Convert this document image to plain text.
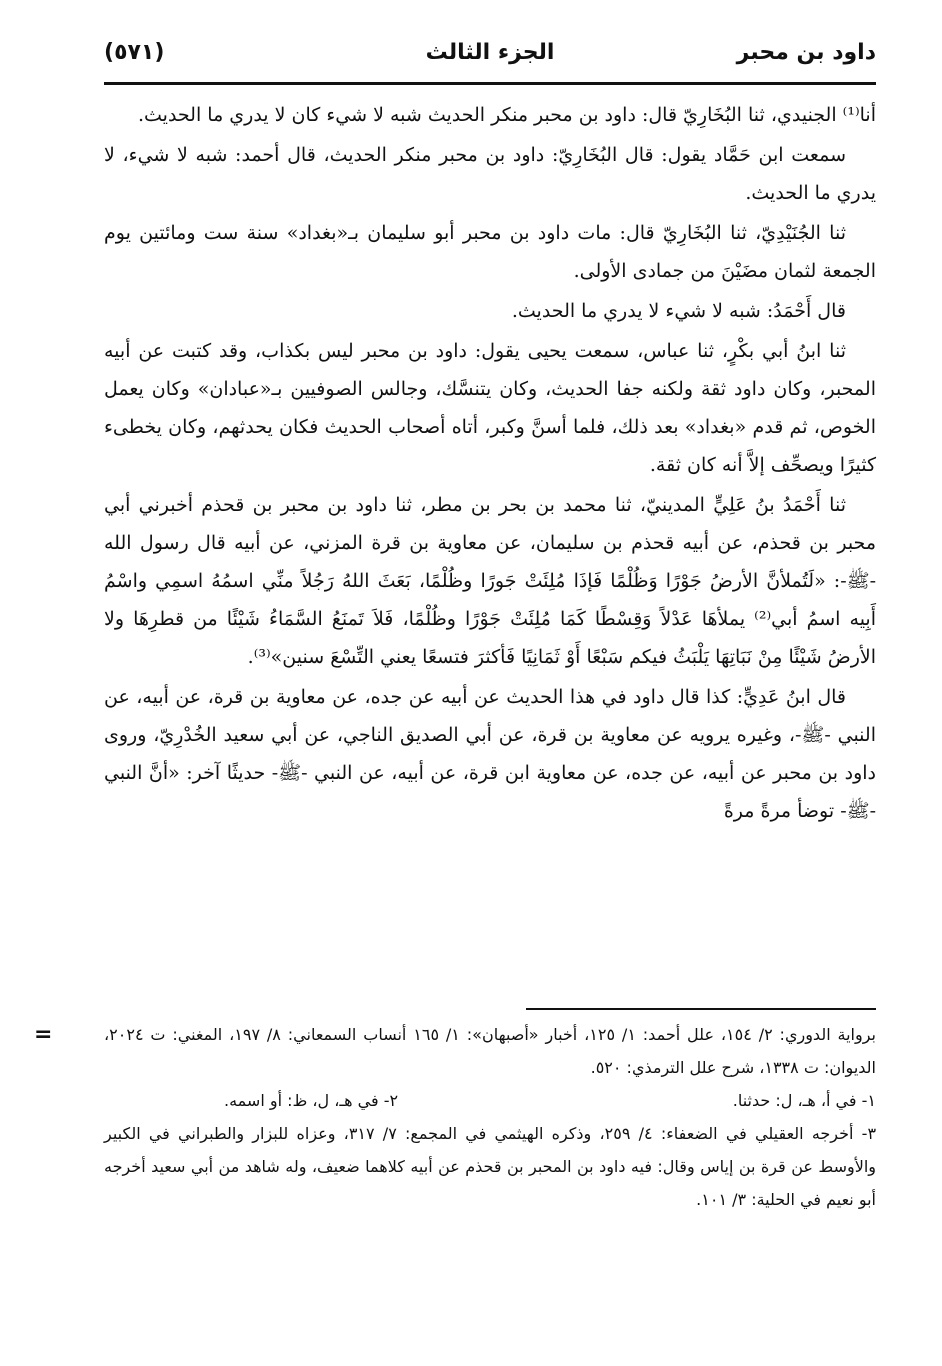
داود بن محبر
الجزء الثالث
(٥٧١)

أنا⁽¹⁾ الجنيدي، ثنا البُخَارِيّ قال: داود بن محبر منكر الحديث شبه لا شيء كان لا يدري ما الحديث.

سمعت ابن حَمَّاد يقول: قال البُخَارِيّ: داود بن محبر منكر الحديث، قال أحمد: شبه لا شيء، لا يدري ما الحديث.

ثنا الجُنَيْدِيّ، ثنا البُخَارِيّ قال: مات داود بن محبر أبو سليمان بـ«بغداد» سنة ست ومائتين يوم الجمعة لثمان مضَيْنَ من جمادى الأولى.

قال أَحْمَدُ: شبه لا شيء لا يدري ما الحديث.

ثنا ابنُ أبي بكْرٍ، ثنا عباس، سمعت يحيى يقول: داود بن محبر ليس بكذاب، وقد كتبت عن أبيه المحبر، وكان داود ثقة ولكنه جفا الحديث، وكان يتنسَّك، وجالس الصوفيين بـ«عبادان» وكان يعمل الخوص، ثم قدم «بغداد» بعد ذلك، فلما أسنَّ وكبر، أتاه أصحاب الحديث فكان يحدثهم، وكان يخطىء كثيرًا ويصحِّف إلاَّ أنه كان ثقة.

ثنا أَحْمَدُ بنُ عَلِيٍّ المدينيّ، ثنا محمد بن بحر بن مطر، ثنا داود بن محبر بن قحذم أخبرني أبي محبر بن قحذم، عن أبيه قحذم بن سليمان، عن معاوية بن قرة المزني، عن أبيه قال رسول الله -ﷺ-: «لَتُملأنَّ الأرضُ جَوْرًا وَظُلْمًا فَإذَا مُلِئَتْ جَورًا وظُلْمًا، بَعَثَ اللهُ رَجُلاً منِّي اسمُهُ اسمِي واسْمُ أَبِيه اسمُ أبي⁽²⁾ يملأهَا عَدْلاً وَقِسْطًا كَمَا مُلِئَتْ جَوْرًا وظُلْمًا، فَلاَ تَمنَعُ السَّمَاءُ شَيْئًا من قطرِهَا ولا الأرضُ شَيْئًا مِنْ نَبَاتِهَا يَلْبَثُ فيكم سَبْعًا أَوْ ثَمَانِيًا فَأكثرَ فتسعًا يعني التِّسْعَ سنين»⁽³⁾.

قال ابنُ عَدِيٍّ: كذا قال داود في هذا الحديث عن أبيه عن جده، عن معاوية بن قرة، عن أبيه، عن النبي -ﷺ-، وغيره يرويه عن معاوية بن قرة، عن أبي الصديق الناجي، عن أبي سعيد الخُدْرِيّ، وروى داود بن محبر عن أبيه، عن جده، عن معاوية ابن قرة، عن أبيه، عن النبي -ﷺ- حديثًا آخر: «أنَّ النبي -ﷺ- توضأ مرةً مرةً

=	برواية الدوري: ٢/ ١٥٤، علل أحمد: ١/ ١٢٥، أخبار «أصبهان»: ١/ ١٦٥ أنساب السمعاني: ٨/ ١٩٧، المغني: ت ٢٠٢٤، الديوان: ت ١٣٣٨، شرح علل الترمذي: ٥٢٠.

١- في أ، هـ، ل: حدثنا.
٢- في هـ، ل، ظ: أو اسمه.

٣- أخرجه العقيلي في الضعفاء: ٤/ ٢٥٩، وذكره الهيثمي في المجمع: ٧/ ٣١٧، وعزاه للبزار والطبراني في الكبير والأوسط عن قرة بن إياس وقال: فيه داود بن المحبر بن قحذم عن أبيه كلاهما ضعيف، وله شاهد من أبي سعيد أخرجه أبو نعيم في الحلية: ٣/ ١٠١.
